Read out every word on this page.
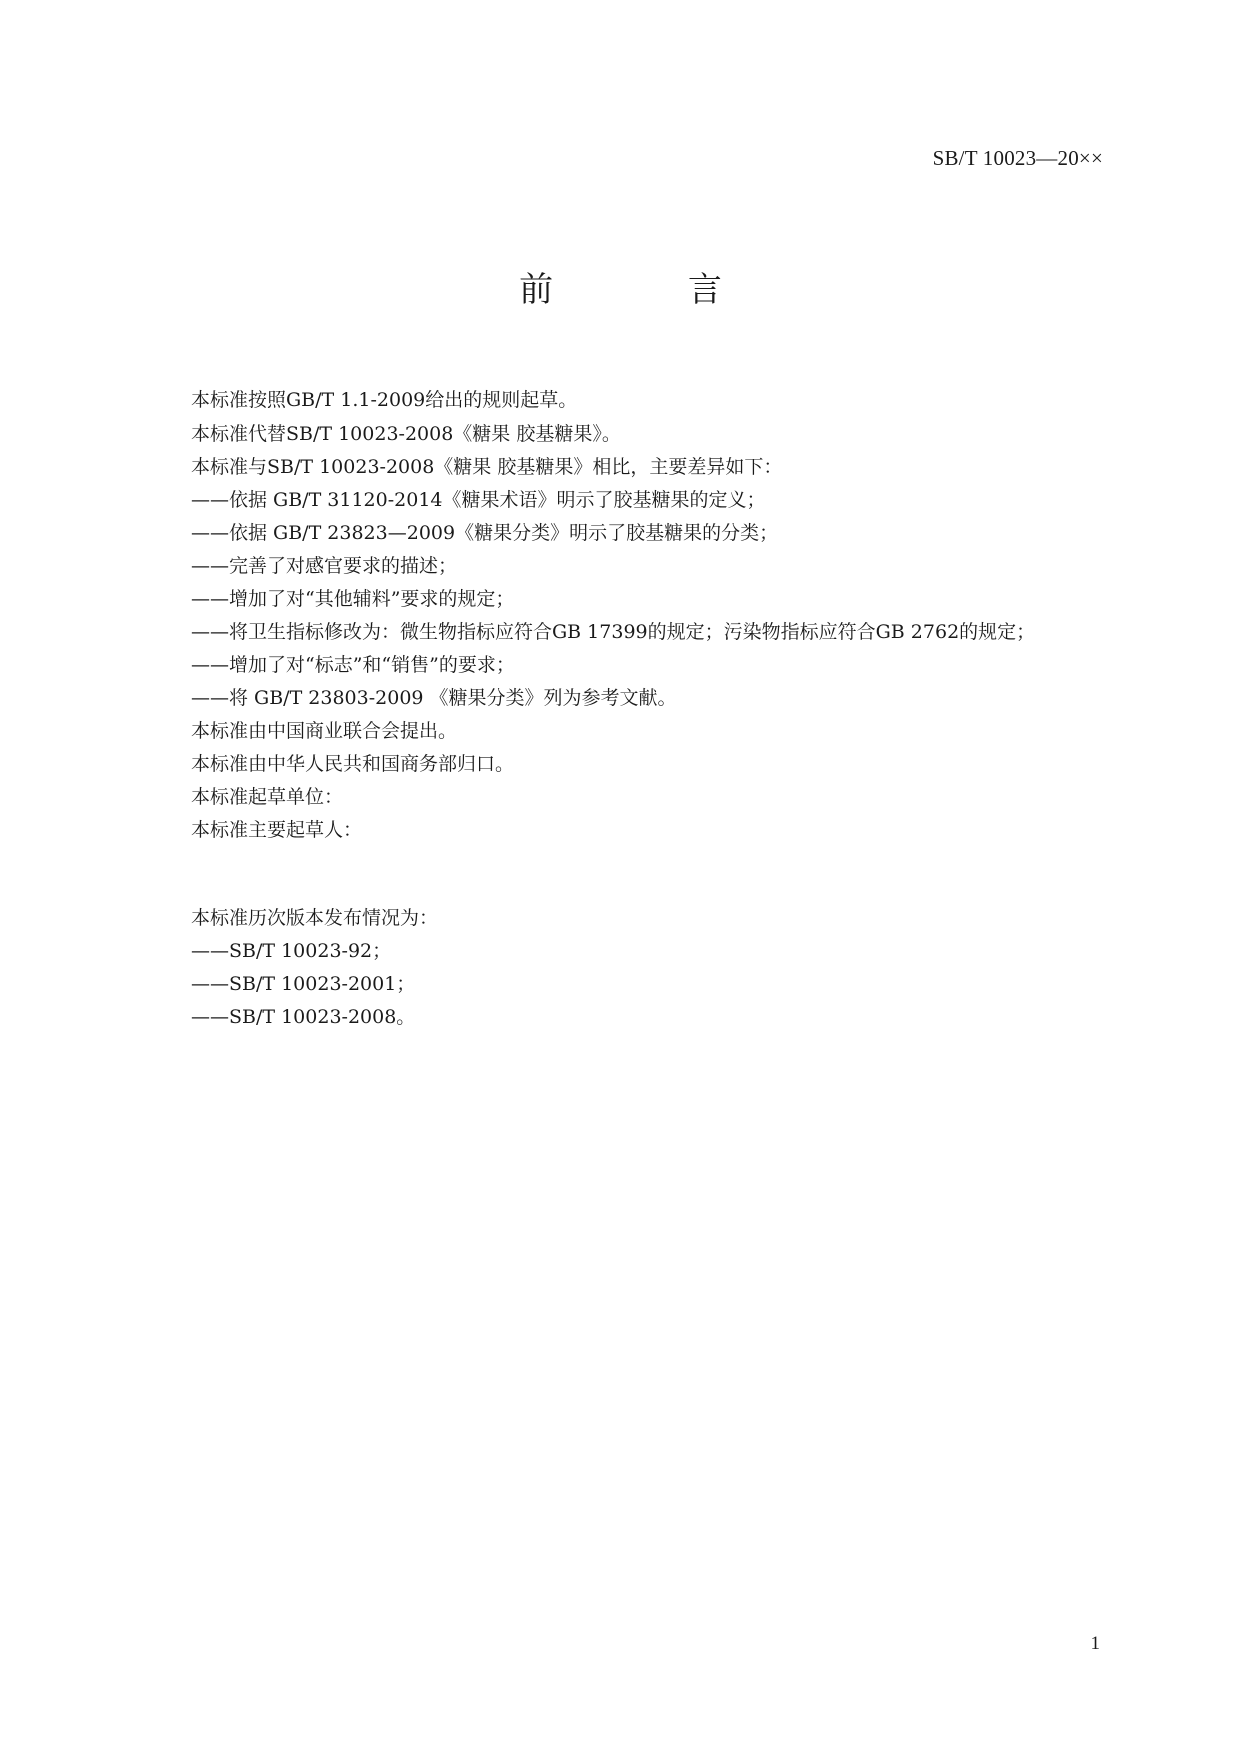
SB/T 10023—20××
前 言
本标准按照GB/T 1.1-2009给出的规则起草。
本标准代替SB/T 10023-2008《糖果 胶基糖果》。
本标准与SB/T 10023-2008《糖果 胶基糖果》相比，主要差异如下：
——依据 GB/T 31120-2014《糖果术语》明示了胶基糖果的定义；
——依据 GB/T 23823—2009《糖果分类》明示了胶基糖果的分类；
——完善了对感官要求的描述；
——增加了对“其他辅料”要求的规定；
——将卫生指标修改为：微生物指标应符合GB 17399的规定；污染物指标应符合GB 2762的规定；
——增加了对“标志”和“销售”的要求；
——将 GB/T 23803-2009 《糖果分类》列为参考文献。
本标准由中国商业联合会提出。
本标准由中华人民共和国商务部归口。
本标准起草单位：
本标准主要起草人：
本标准历次版本发布情况为：
——SB/T 10023-92；
——SB/T 10023-2001；
——SB/T 10023-2008。
1
